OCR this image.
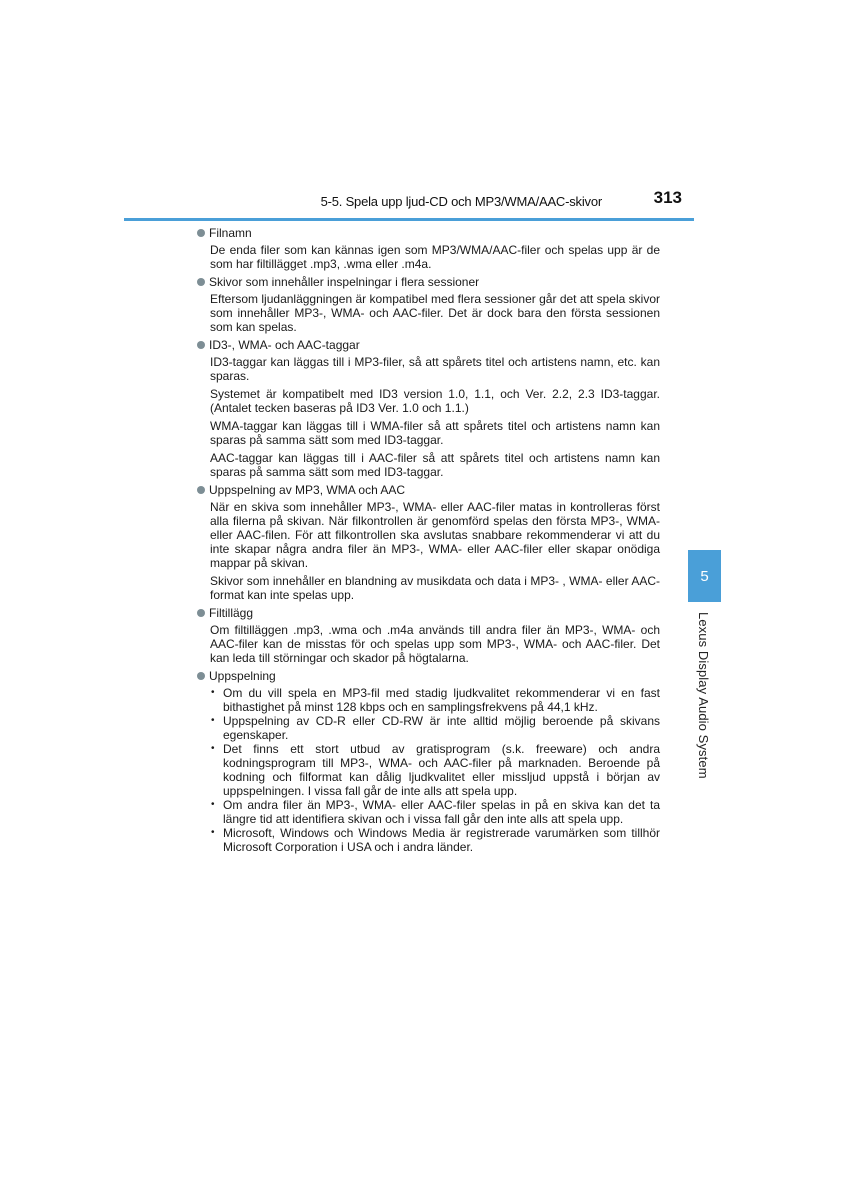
5-5. Spela upp ljud-CD och MP3/WMA/AAC-skivor	313
Filnamn

De enda filer som kan kännas igen som MP3/WMA/AAC-filer och spelas upp är de som har filtillägget .mp3, .wma eller .m4a.

Skivor som innehåller inspelningar i flera sessioner

Eftersom ljudanläggningen är kompatibel med flera sessioner går det att spela skivor som innehåller MP3-, WMA- och AAC-filer. Det är dock bara den första sessionen som kan spelas.

ID3-, WMA- och AAC-taggar

ID3-taggar kan läggas till i MP3-filer, så att spårets titel och artistens namn, etc. kan sparas.

Systemet är kompatibelt med ID3 version 1.0, 1.1, och Ver. 2.2, 2.3 ID3-taggar. (Antalet tecken baseras på ID3 Ver. 1.0 och 1.1.)

WMA-taggar kan läggas till i WMA-filer så att spårets titel och artistens namn kan sparas på samma sätt som med ID3-taggar.

AAC-taggar kan läggas till i AAC-filer så att spårets titel och artistens namn kan sparas på samma sätt som med ID3-taggar.

Uppspelning av MP3, WMA och AAC

När en skiva som innehåller MP3-, WMA- eller AAC-filer matas in kontrolleras först alla filerna på skivan. När filkontrollen är genomförd spelas den första MP3-, WMA- eller AAC-filen. För att filkontrollen ska avslutas snabbare rekommenderar vi att du inte skapar några andra filer än MP3-, WMA- eller AAC-filer eller skapar onödiga mappar på skivan.

Skivor som innehåller en blandning av musikdata och data i MP3- , WMA- eller AAC-format kan inte spelas upp.

Filtillägg

Om filtilläggen .mp3, .wma och .m4a används till andra filer än MP3-, WMA- och AAC-filer kan de misstas för och spelas upp som MP3-, WMA- och AAC-filer. Det kan leda till störningar och skador på högtalarna.

Uppspelning
• Om du vill spela en MP3-fil med stadig ljudkvalitet rekommenderar vi en fast bithastighet på minst 128 kbps och en samplingsfrekvens på 44,1 kHz.
• Uppspelning av CD-R eller CD-RW är inte alltid möjlig beroende på skivans egenskaper.
• Det finns ett stort utbud av gratisprogram (s.k. freeware) och andra kodningsprogram till MP3-, WMA- och AAC-filer på marknaden. Beroende på kodning och filformat kan dålig ljudkvalitet eller missljud uppstå i början av uppspelningen. I vissa fall går de inte alls att spela upp.
• Om andra filer än MP3-, WMA- eller AAC-filer spelas in på en skiva kan det ta längre tid att identifiera skivan och i vissa fall går den inte alls att spela upp.
• Microsoft, Windows och Windows Media är registrerade varumärken som tillhör Microsoft Corporation i USA och i andra länder.
5
Lexus Display Audio System
